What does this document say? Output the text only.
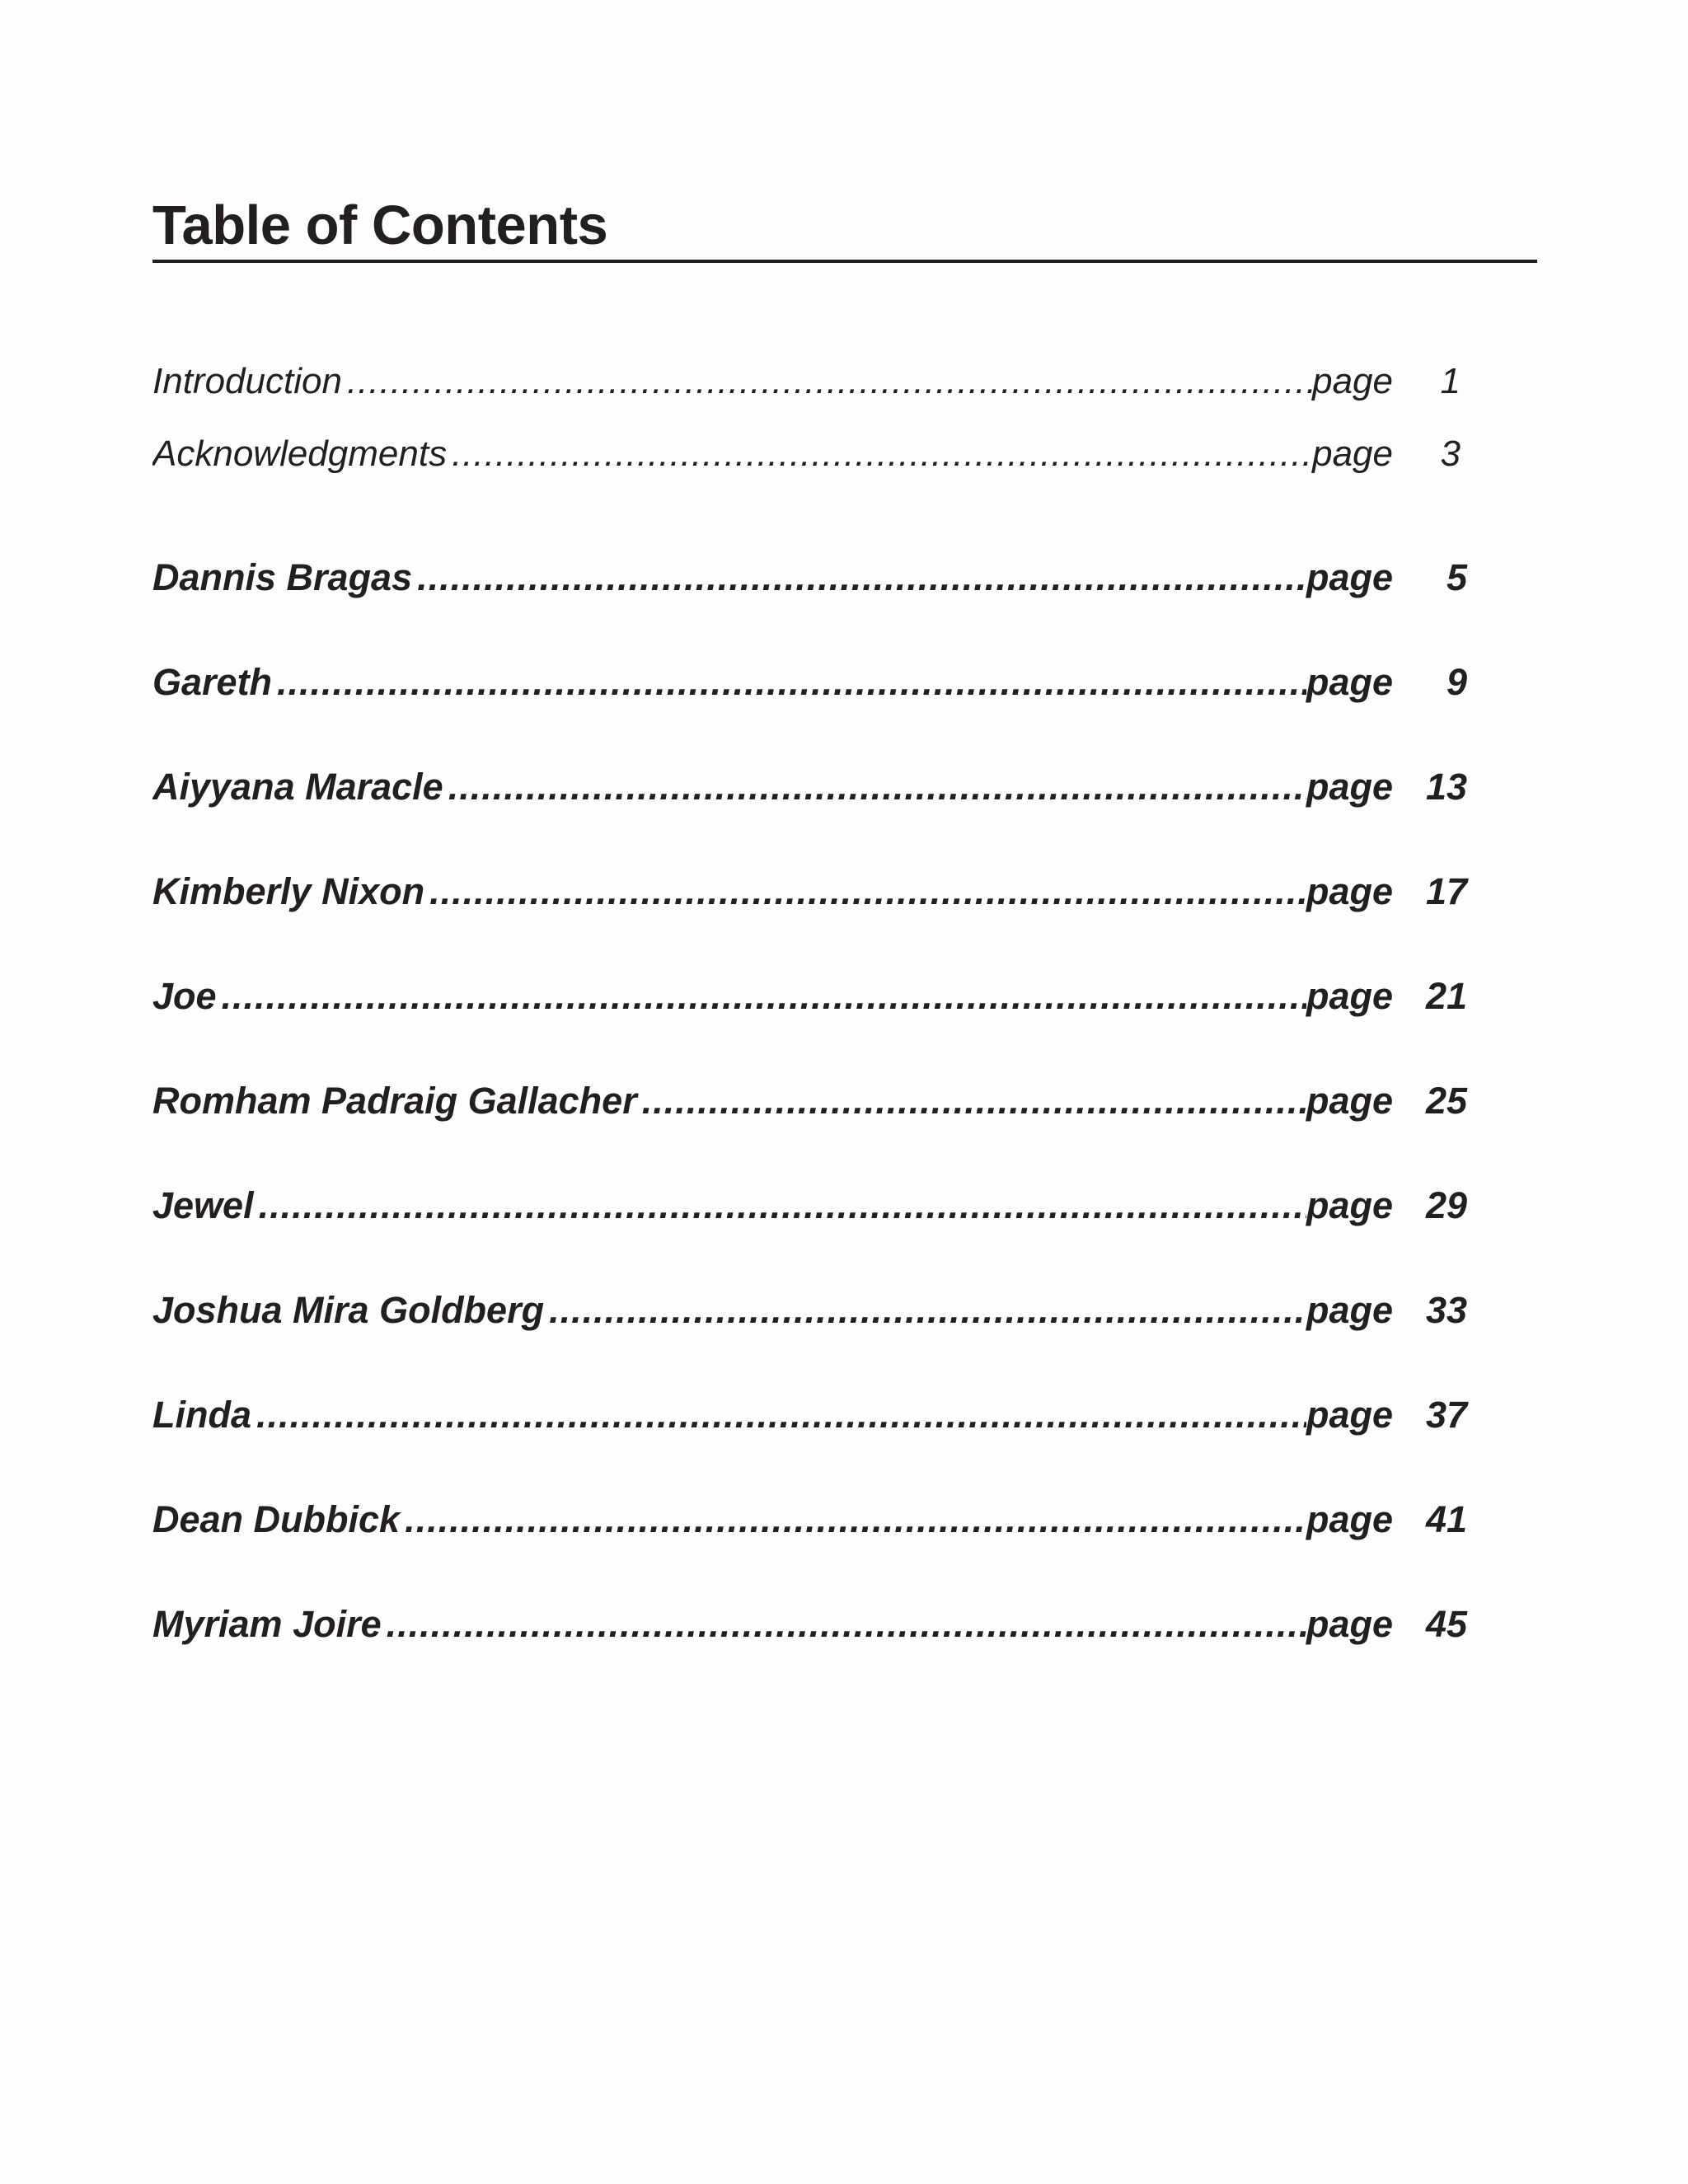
Table of Contents
Introduction .....	page	1
Acknowledgments .....	page	3
Dannis Bragas .....	page	5
Gareth .....	page	9
Aiyyana Maracle .....	page 13
Kimberly Nixon .....	page 17
Joe .....	page 21
Romham Padraig Gallacher .....	page 25
Jewel .....	page 29
Joshua Mira Goldberg .....	page 33
Linda .....	page 37
Dean Dubbick .....	page 41
Myriam Joire .....	page 45
